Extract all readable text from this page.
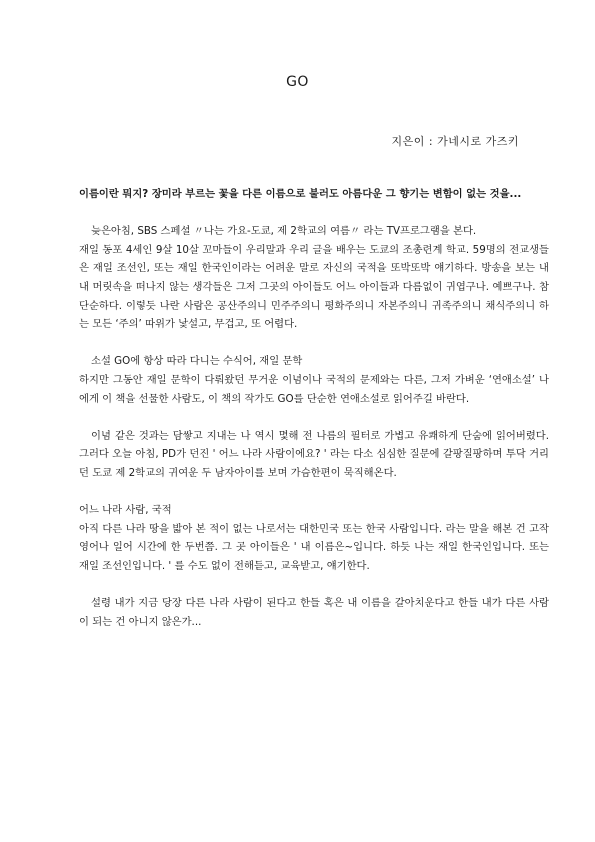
GO
지은이 : 가네시로 가즈키

이름이란 뭐지? 장미라 부르는 꽃을 다른 이름으로 불러도 아름다운 그 향기는 변함이 없는 것을...

늦은아침, SBS 스페셜 〃나는 가요-도쿄, 제 2학교의 여름〃 라는 TV프로그램을 본다.

재일 동포 4세인 9살 10살 꼬마들이 우리말과 우리 글을 배우는 도쿄의 조총련계 학교. 59명의 전교생들은 재일 조선인, 또는 재일 한국인이라는 어려운 말로 자신의 국적을 또박또박 얘기하다. 방송을 보는 내내 머릿속을 떠나지 않는 생각들은 그저 그곳의 아이들도 어느 아이들과 다름없이 귀엽구나. 예쁘구나. 참 단순하다. 이렇듯 나란 사람은 공산주의니 민주주의니 평화주의니 자본주의니 귀족주의니 채식주의니 하는 모든 ‘주의’ 따위가 낯설고, 무겁고, 또 어렵다.

소설 GO에 항상 따라 다니는 수식어, 재일 문학

하지만 그동안 재일 문학이 다뤄왔던 무거운 이념이나 국적의 문제와는 다른, 그저 가벼운 ‘연애소설’ 나에게 이 책을 선물한 사람도, 이 책의 작가도 GO를 단순한 연애소설로 읽어주길 바란다.

이념 같은 것과는 담쌓고 지내는 나 역시 몇해 전 나름의 필터로 가볍고 유쾌하게 단숨에 읽어버렸다. 그러다 오늘 아침, PD가 던진 ' 어느 나라 사람이에요? ' 라는 다소 심심한 질문에 갈팡질팡하며 투닥 거리던 도쿄 제 2학교의 귀여운 두 남자아이를 보며 가슴한편이 묵직해온다.

어느 나라 사람, 국적

아직 다른 나라 땅을 밟아 본 적이 없는 나로서는 대한민국 또는 한국 사람입니다. 라는 말을 해본 건 고작 영어나 일어 시간에 한 두번쯤. 그 곳 아이들은 ' 내 이름은~입니다. 하듯 나는 재일 한국인입니다. 또는 재일 조선인입니다. ' 를 수도 없이 전해듣고, 교육받고, 얘기한다.

설령 내가 지금 당장 다른 나라 사람이 된다고 한들 혹은 내 이름을 갈아치운다고 한들 내가 다른 사람이 되는 건 아니지 않은가...
